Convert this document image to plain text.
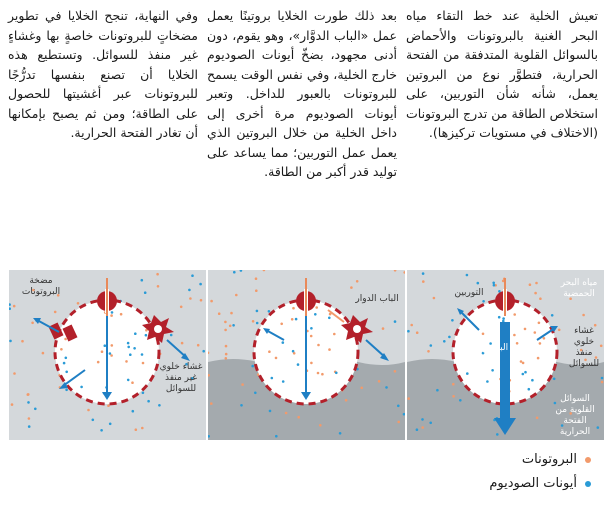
تعيش الخلية عند خط التقاء مياه البحر الغنية بالبروتونات والأحماض بالسوائل القلوية المتدفقة من الفتحة الحرارية، فتطوَّر نوع من البروتين يعمل، شأنه شأن التوربين، على استخلاص الطاقة من تدرج البروتونات (الاختلاف في مستويات تركيزها).
بعد ذلك طورت الخلايا بروتينًا يعمل عمل «الباب الدوَّار»، وهو يقوم، دون أدنى مجهود، بضخّ أيونات الصوديوم خارج الخلية، وفي نفس الوقت يسمح للبروتونات بالعبور للداخل. وتعبر أيونات الصوديوم مرة أخرى إلى داخل الخلية من خلال البروتين الذي يعمل عمل التوربين؛ مما يساعد على توليد قدر أكبر من الطاقة.
وفي النهاية، تنجح الخلايا في تطوير مضخاتٍ للبروتونات خاصةٍ بها وغشاءٍ غير منفذ للسوائل. وتستطيع هذه الخلايا أن تصنع بنفسها تدرُّجًا للبروتونات عبر أغشيتها للحصول على الطاقة؛ ومن ثم يصبح بإمكانها أن تغادر الفتحة الحرارية.
مياه البحر الحمضية
التوربين
تدرج البروتونات
غشاء خلوي منفذ للسوائل
السوائل القلوية من الفتحة الحرارية
الباب الدوار
مضخة البروتونات
غشاء خلوي غير منفذ للسوائل
البروتونات
أيونات الصوديوم
